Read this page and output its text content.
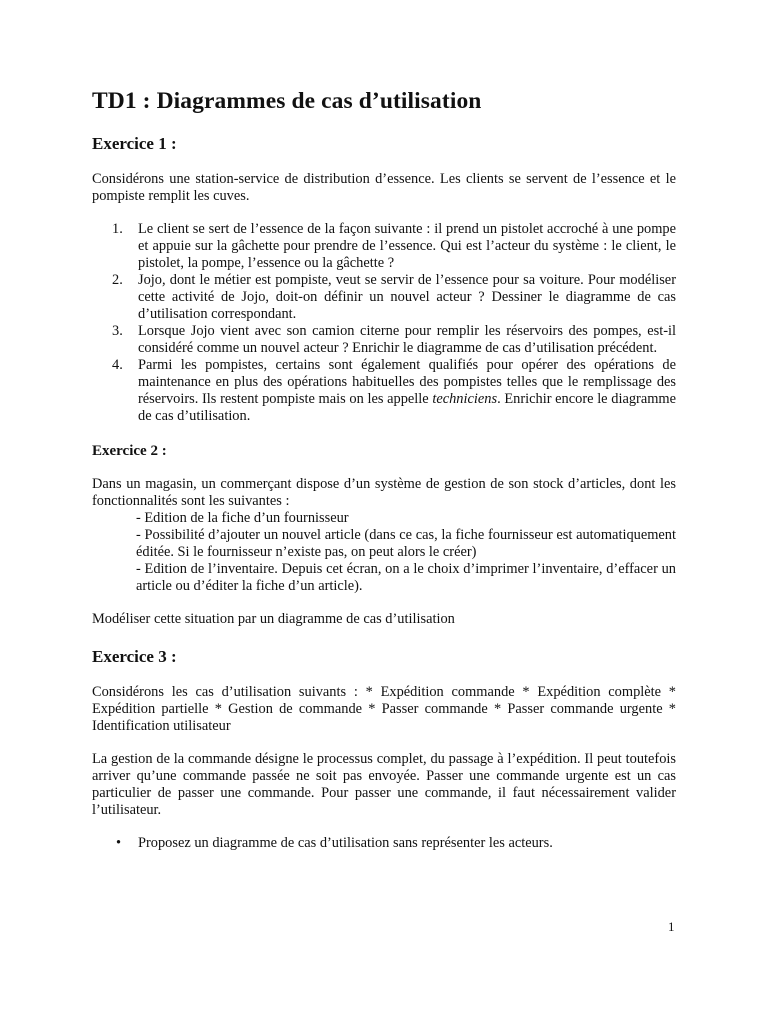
TD1 : Diagrammes de cas d’utilisation
Exercice 1 :

Considérons une station-service de distribution d’essence. Les clients se servent de l’essence et le pompiste remplit les cuves.

1. Le client se sert de l’essence de la façon suivante : il prend un pistolet accroché à une pompe et appuie sur la gâchette pour prendre de l’essence. Qui est l’acteur du système : le client, le pistolet, la pompe, l’essence ou la gâchette ?
2. Jojo, dont le métier est pompiste, veut se servir de l’essence pour sa voiture. Pour modéliser cette activité de Jojo, doit-on définir un nouvel acteur ? Dessiner le diagramme de cas d’utilisation correspondant.
3. Lorsque Jojo vient avec son camion citerne pour remplir les réservoirs des pompes, est-il considéré comme un nouvel acteur ? Enrichir le diagramme de cas d’utilisation précédent.
4. Parmi les pompistes, certains sont également qualifiés pour opérer des opérations de maintenance en plus des opérations habituelles des pompistes telles que le remplissage des réservoirs. Ils restent pompiste mais on les appelle techniciens. Enrichir encore le diagramme de cas d’utilisation.
Exercice 2 :

Dans un magasin, un commerçant dispose d’un système de gestion de son stock d’articles, dont les fonctionnalités sont les suivantes :

- Edition de la fiche d’un fournisseur
- Possibilité d’ajouter un nouvel article (dans ce cas, la fiche fournisseur est automatiquement éditée. Si le fournisseur n’existe pas, on peut alors le créer)
- Edition de l’inventaire. Depuis cet écran, on a le choix d’imprimer l’inventaire, d’effacer un article ou d’éditer la fiche d’un article).

Modéliser cette situation par un diagramme de cas d’utilisation

Exercice 3 :

Considérons les cas d’utilisation suivants : * Expédition commande * Expédition complète * Expédition partielle * Gestion de commande * Passer commande * Passer commande urgente * Identification utilisateur

La gestion de la commande désigne le processus complet, du passage à l’expédition. Il peut toutefois arriver qu’une commande passée ne soit pas envoyée. Passer une commande urgente est un cas particulier de passer une commande. Pour passer une commande, il faut nécessairement valider l’utilisateur.

• Proposez un diagramme de cas d’utilisation sans représenter les acteurs.
1
